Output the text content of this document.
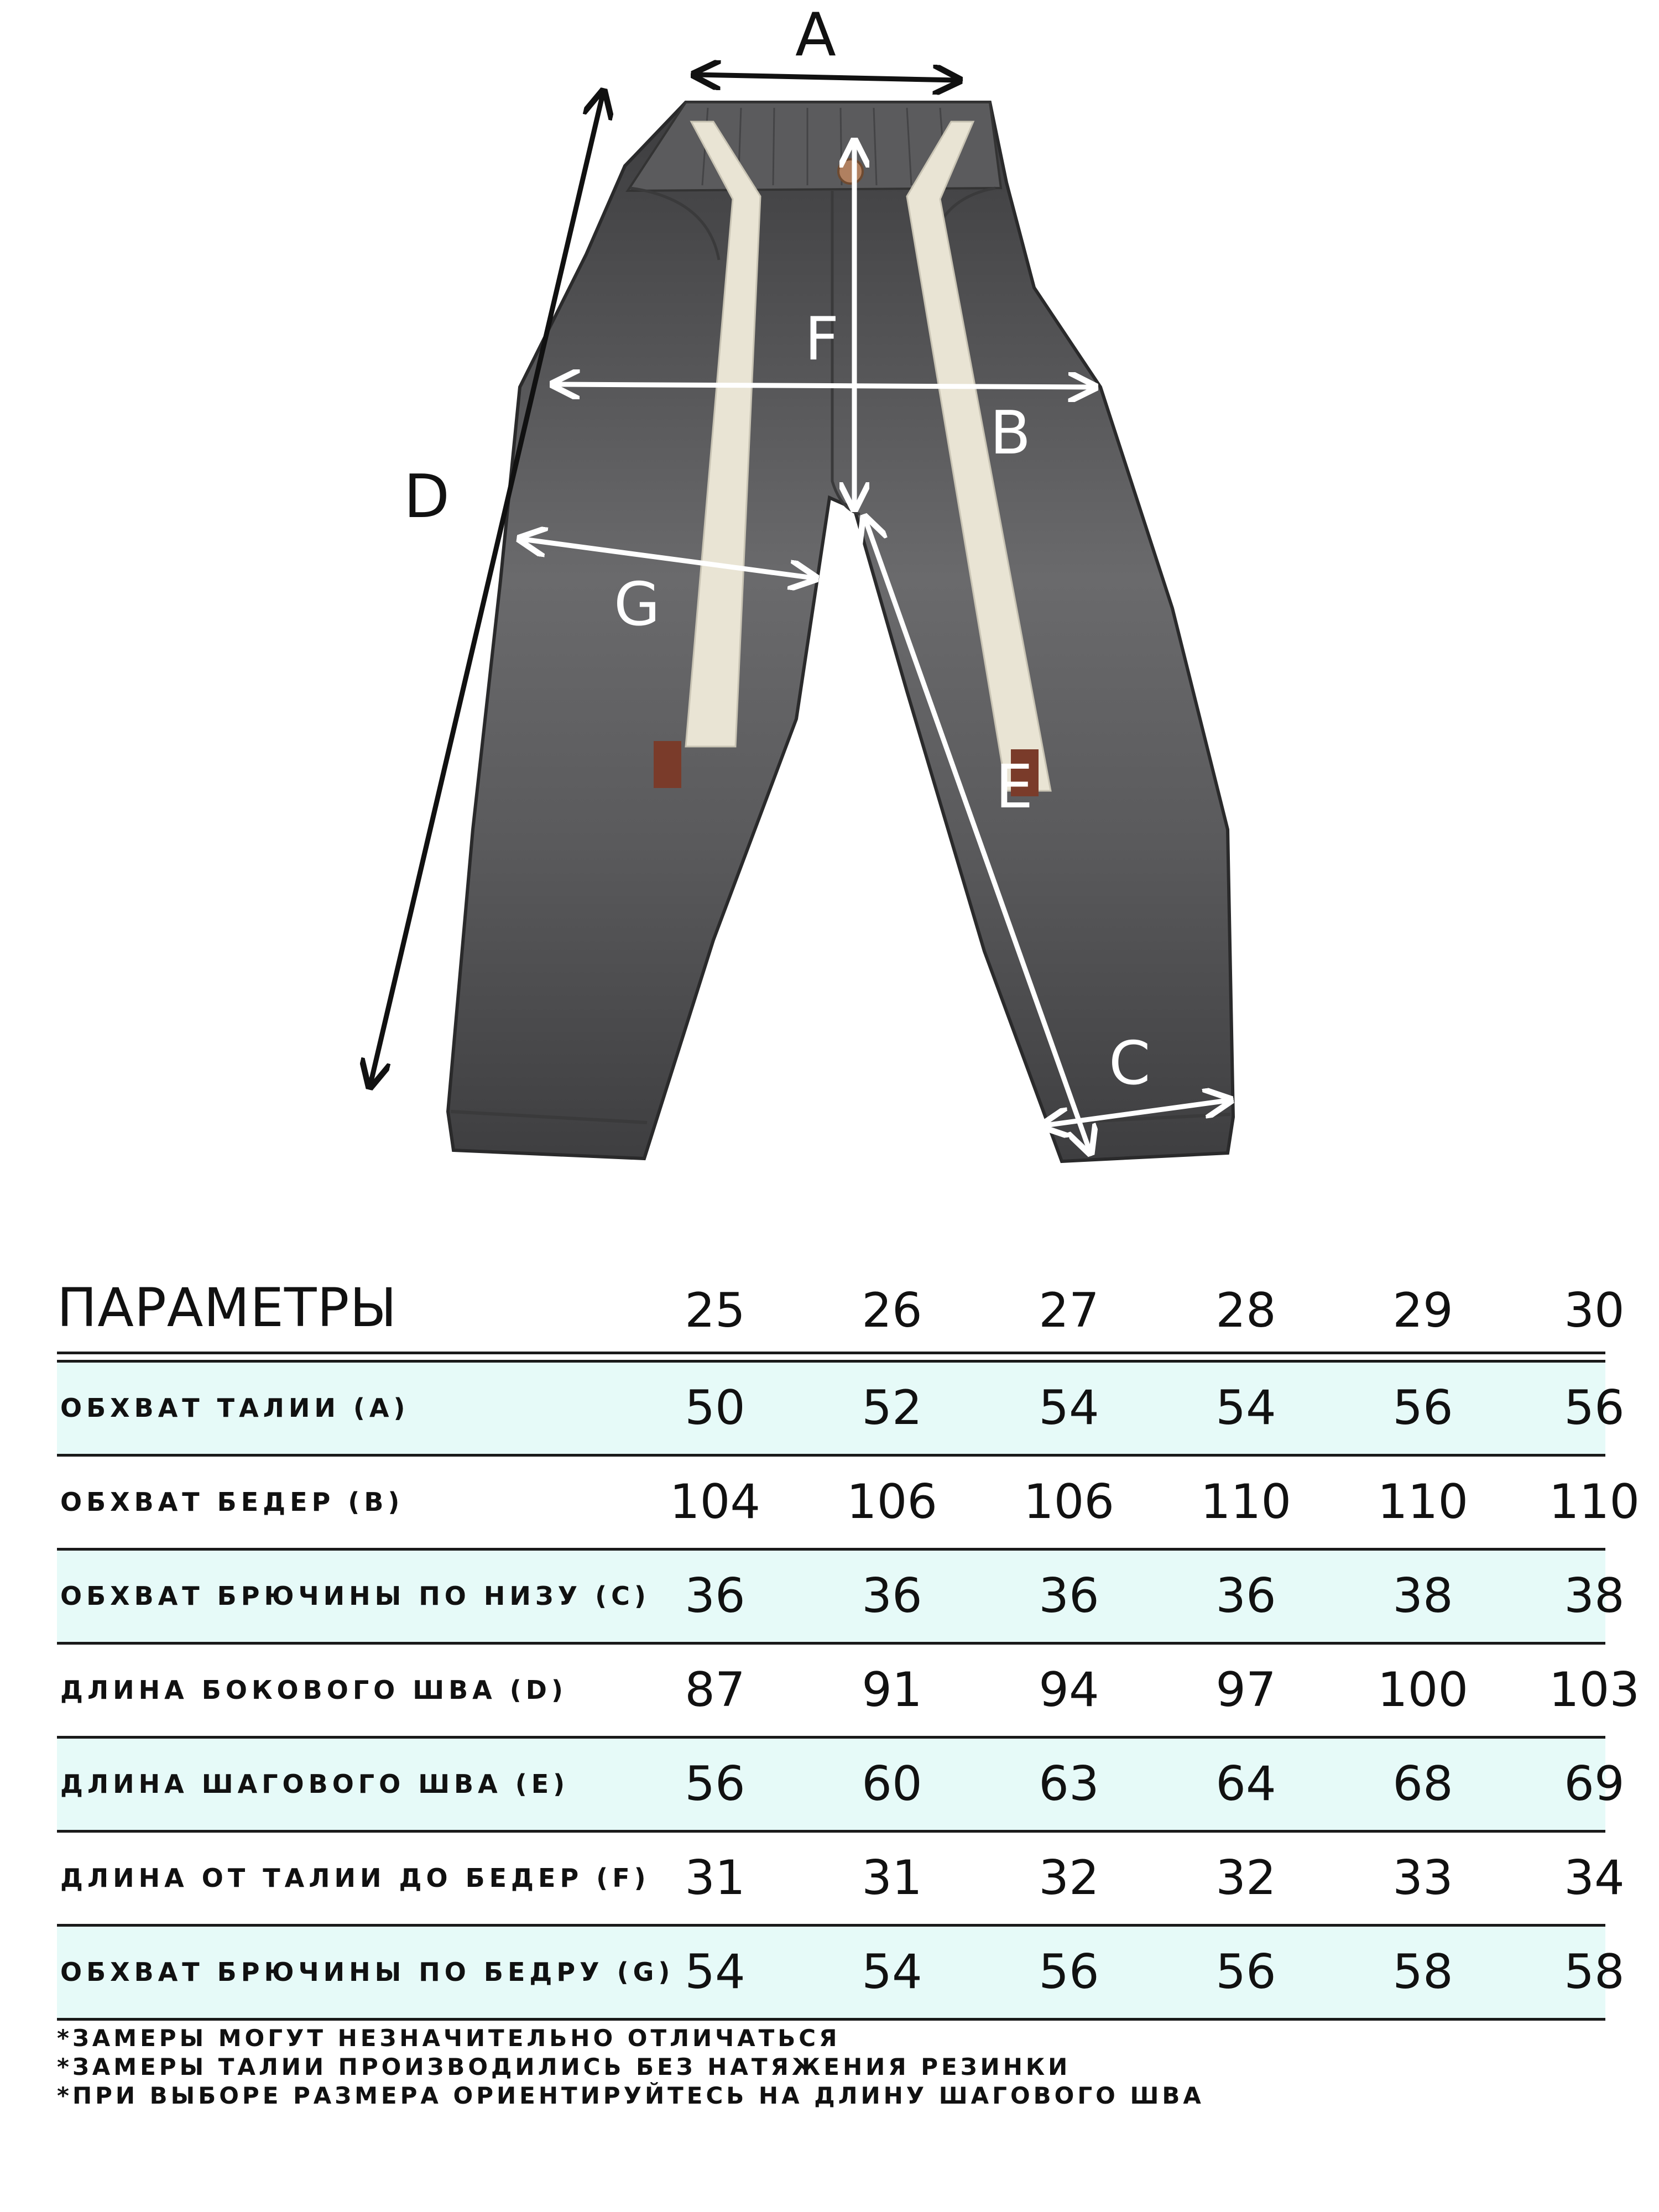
A
B
C
D
E
F
G
ПАРАМЕТРЫ	25	26	27	28	29	30
ОБХВАТ ТАЛИИ (А)	50	52	54	54	56	56
ОБХВАТ БЕДЕР (В)	104	106	106	110	110	110
ОБХВАТ БРЮЧИНЫ ПО НИЗУ (С) 36	36	36	36	38	38
ДЛИНА БОКОВОГО ШВА (D)	87	91	94	97	100	103
ДЛИНА ШАГОВОГО ШВА (E)	56	60	63	64	68	69
ДЛИНА ОТ ТАЛИИ ДО БЕДЕР (F) 31	31	32	32	33	34
ОБХВАТ БРЮЧИНЫ ПО БЕДРУ (G) 54	54	56	56	58	58
*ЗАМЕРЫ МОГУТ НЕЗНАЧИТЕЛЬНО ОТЛИЧАТЬСЯ
*ЗАМЕРЫ ТАЛИИ ПРОИЗВОДИЛИСЬ БЕЗ НАТЯЖЕНИЯ РЕЗИНКИ
*ПРИ ВЫБОРЕ РАЗМЕРА ОРИЕНТИРУЙТЕСЬ НА ДЛИНУ ШАГОВОГО ШВА
